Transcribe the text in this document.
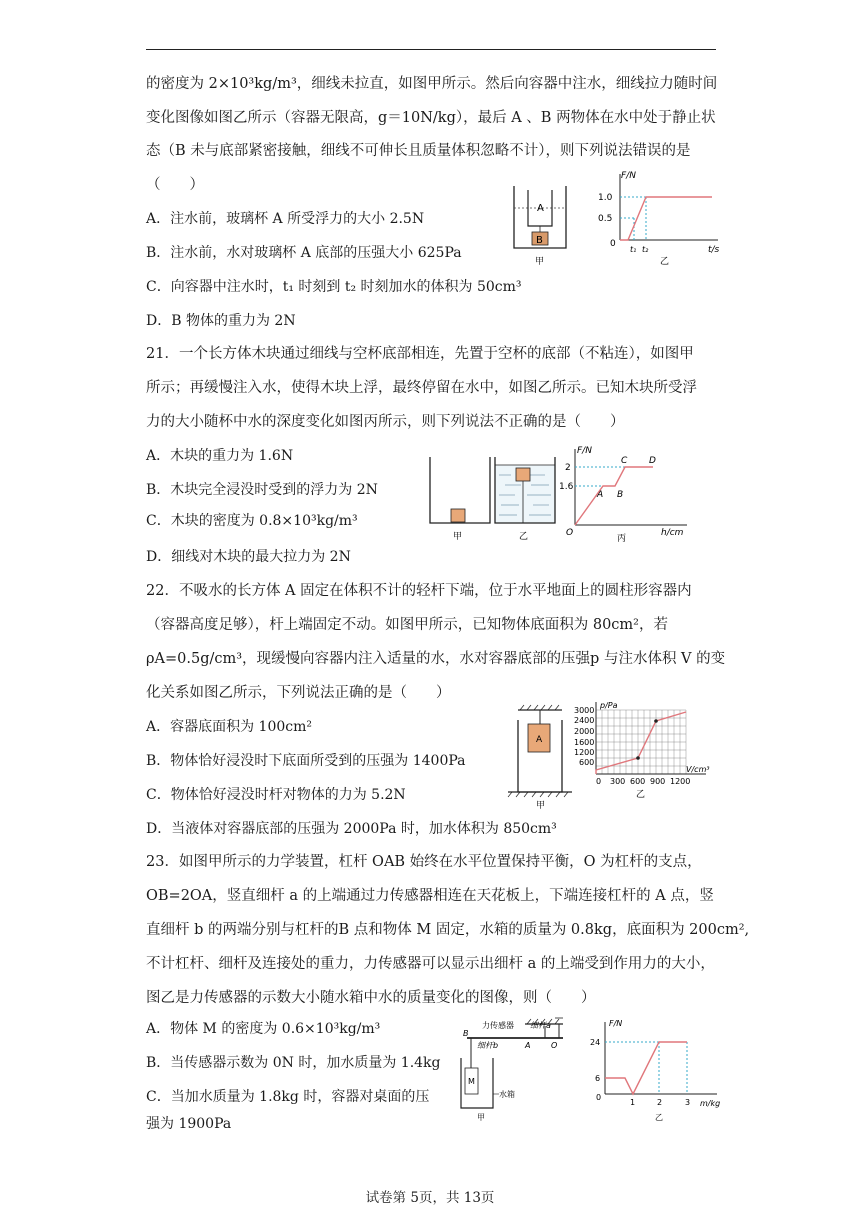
的密度为 2×10³kg/m³，细线未拉直，如图甲所示。然后向容器中注水，细线拉力随时间
变化图像如图乙所示（容器无限高，g＝10N/kg），最后 A 、B 两物体在水中处于静止状
态（B 未与底部紧密接触，细线不可伸长且质量体积忽略不计），则下列说法错误的是
（　　）
A．注水前，玻璃杯 A 所受浮力的大小 2.5N
B．注水前，水对玻璃杯 A 底部的压强大小 625Pa
C．向容器中注水时，t₁ 时刻到 t₂ 时刻加水的体积为 50cm³
D．B 物体的重力为 2N
A
B
甲
F/N
t/s
1.0
0.5
0
t₁ t₂
乙
21．一个长方体木块通过细线与空杯底部相连，先置于空杯的底部（不粘连），如图甲
所示；再缓慢注入水，使得木块上浮，最终停留在水中，如图乙所示。已知木块所受浮
力的大小随杯中水的深度变化如图丙所示，则下列说法不正确的是（　　）
A．木块的重力为 1.6N
B．木块完全浸没时受到的浮力为 2N
C．木块的密度为 0.8×10³kg/m³
D．细线对木块的最大拉力为 2N
甲	乙
F/N
h/cm
2
1.6
O
A B
C D
丙
22．不吸水的长方体 A 固定在体积不计的轻杆下端，位于水平地面上的圆柱形容器内
（容器高度足够），杆上端固定不动。如图甲所示，已知物体底面积为 80cm²，若
ρA=0.5g/cm³，现缓慢向容器内注入适量的水，水对容器底部的压强p 与注水体积 V 的变
化关系如图乙所示，下列说法正确的是（　　）
A．容器底面积为 100cm²
B．物体恰好浸没时下底面所受到的压强为 1400Pa
C．物体恰好浸没时杆对物体的力为 5.2N
D．当液体对容器底部的压强为 2000Pa 时，加水体积为 850cm³
A
甲
p/Pa
V/cm³
3000
2400
2000
1600
1200
600
0 300 600 900 1200
乙
23．如图甲所示的力学装置，杠杆 OAB 始终在水平位置保持平衡，O 为杠杆的支点，
OB=2OA，竖直细杆 a 的上端通过力传感器相连在天花板上，下端连接杠杆的 A 点，竖
直细杆 b 的两端分别与杠杆的B 点和物体 M 固定，水箱的质量为 0.8kg，底面积为 200cm²,
不计杠杆、细杆及连接处的重力，力传感器可以显示出细杆 a 的上端受到作用力的大小，
图乙是力传感器的示数大小随水箱中水的质量变化的图像，则（　　）
A．物体 M 的密度为 0.6×10³kg/m³
B．当传感器示数为 0N 时，加水质量为 1.4kg
C．当加水质量为 1.8kg 时，容器对桌面的压
强为 1900Pa
力传感器 细杆a
B
A	O
细杆b
M
水箱
甲
F/N
m/kg
24
6
0
1	2	3
乙
试卷第 5页，共 13页
